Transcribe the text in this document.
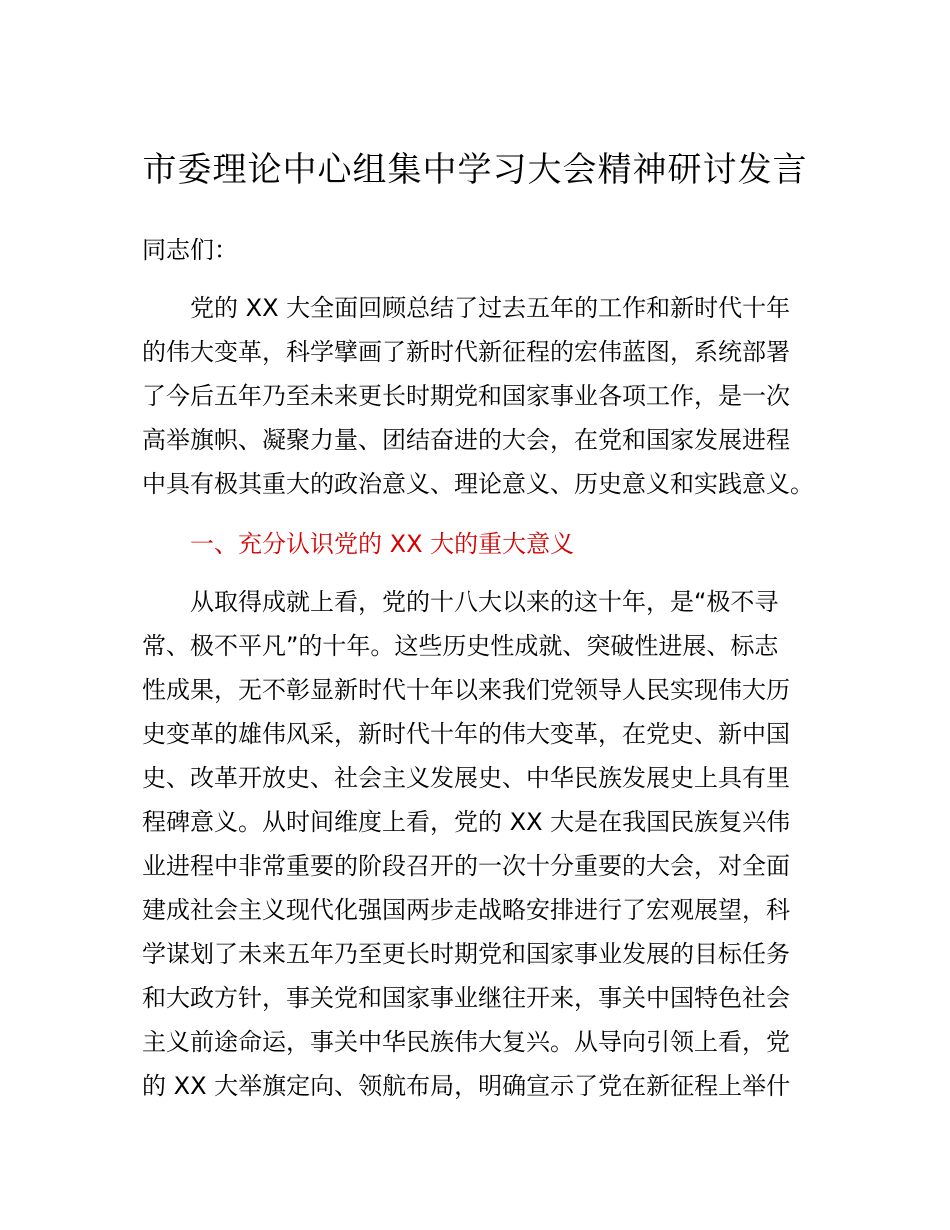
市委理论中心组集中学习大会精神研讨发言
同志们：
　　党的 XX 大全面回顾总结了过去五年的工作和新时代十年
的伟大变革，科学擘画了新时代新征程的宏伟蓝图，系统部署
了今后五年乃至未来更长时期党和国家事业各项工作，是一次
高举旗帜、凝聚力量、团结奋进的大会，在党和国家发展进程
中具有极其重大的政治意义、理论意义、历史意义和实践意义。
一、充分认识党的 XX 大的重大意义
　　从取得成就上看，党的十八大以来的这十年，是“极不寻
常、极不平凡”的十年。这些历史性成就、突破性进展、标志
性成果，无不彰显新时代十年以来我们党领导人民实现伟大历
史变革的雄伟风采，新时代十年的伟大变革，在党史、新中国
史、改革开放史、社会主义发展史、中华民族发展史上具有里
程碑意义。从时间维度上看，党的 XX 大是在我国民族复兴伟
业进程中非常重要的阶段召开的一次十分重要的大会，对全面
建成社会主义现代化强国两步走战略安排进行了宏观展望，科
学谋划了未来五年乃至更长时期党和国家事业发展的目标任务
和大政方针，事关党和国家事业继往开来，事关中国特色社会
主义前途命运，事关中华民族伟大复兴。从导向引领上看，党
的 XX 大举旗定向、领航布局，明确宣示了党在新征程上举什
